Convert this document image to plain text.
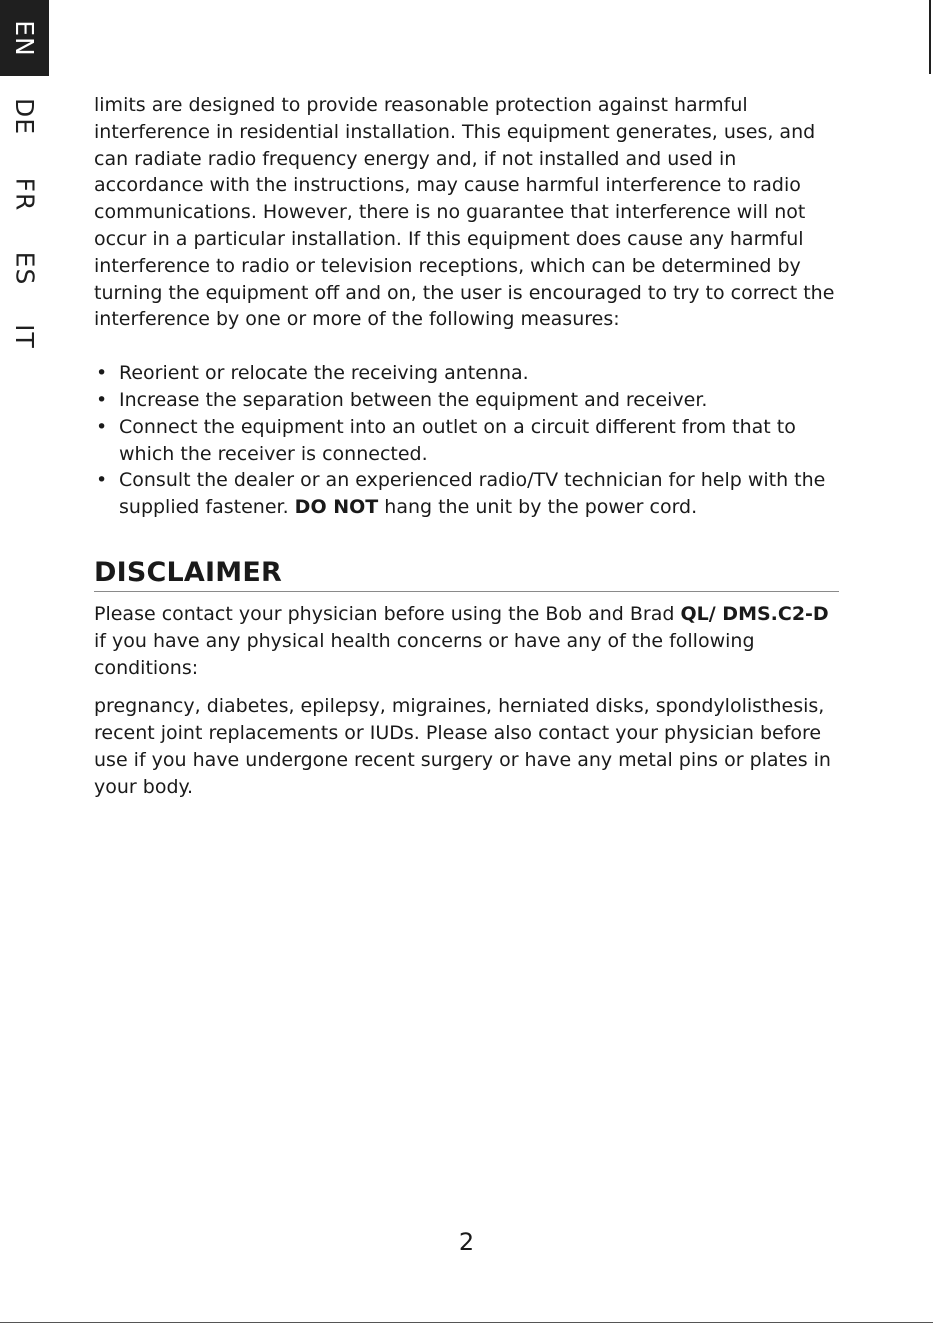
EN
DE
FR
ES
IT

limits are designed to provide reasonable protection against harmful interference in residential installation. This equipment generates, uses, and can radiate radio frequency energy and, if not installed and used in accordance with the instructions, may cause harmful interference to radio communications. However, there is no guarantee that interference will not occur in a particular installation. If this equipment does cause any harmful interference to radio or television receptions, which can be determined by turning the equipment off and on, the user is encouraged to try to correct the interference by one or more of the following measures:

• Reorient or relocate the receiving antenna.
• Increase the separation between the equipment and receiver.
• Connect the equipment into an outlet on a circuit different from that to which the receiver is connected.
• Consult the dealer or an experienced radio/TV technician for help with the supplied fastener. DO NOT hang the unit by the power cord.
DISCLAIMER

Please contact your physician before using the Bob and Brad QL/ DMS.C2-D if you have any physical health concerns or have any of the following conditions:

pregnancy, diabetes, epilepsy, migraines, herniated disks, spondylolisthesis, recent joint replacements or IUDs. Please also contact your physician before use if you have undergone recent surgery or have any metal pins or plates in your body.

2
